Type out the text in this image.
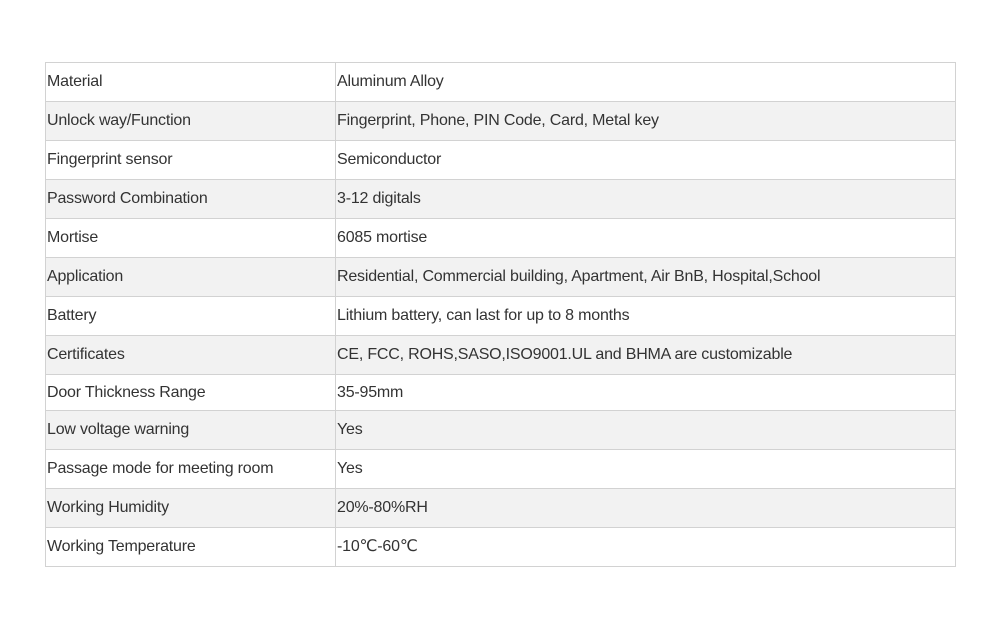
Material	Aluminum Alloy
Unlock way/Function	Fingerprint, Phone, PIN Code, Card, Metal key
Fingerprint sensor	Semiconductor
Password Combination	3-12 digitals
Mortise	6085 mortise
Application	Residential, Commercial building, Apartment, Air BnB, Hospital,School
Battery	Lithium battery, can last for up to 8 months
Certificates	CE, FCC, ROHS,SASO,ISO9001.UL and BHMA are customizable
Door Thickness Range	35-95mm
Low voltage warning	Yes
Passage mode for meeting room	Yes
Working Humidity	20%-80%RH
Working Temperature	-10℃-60℃
